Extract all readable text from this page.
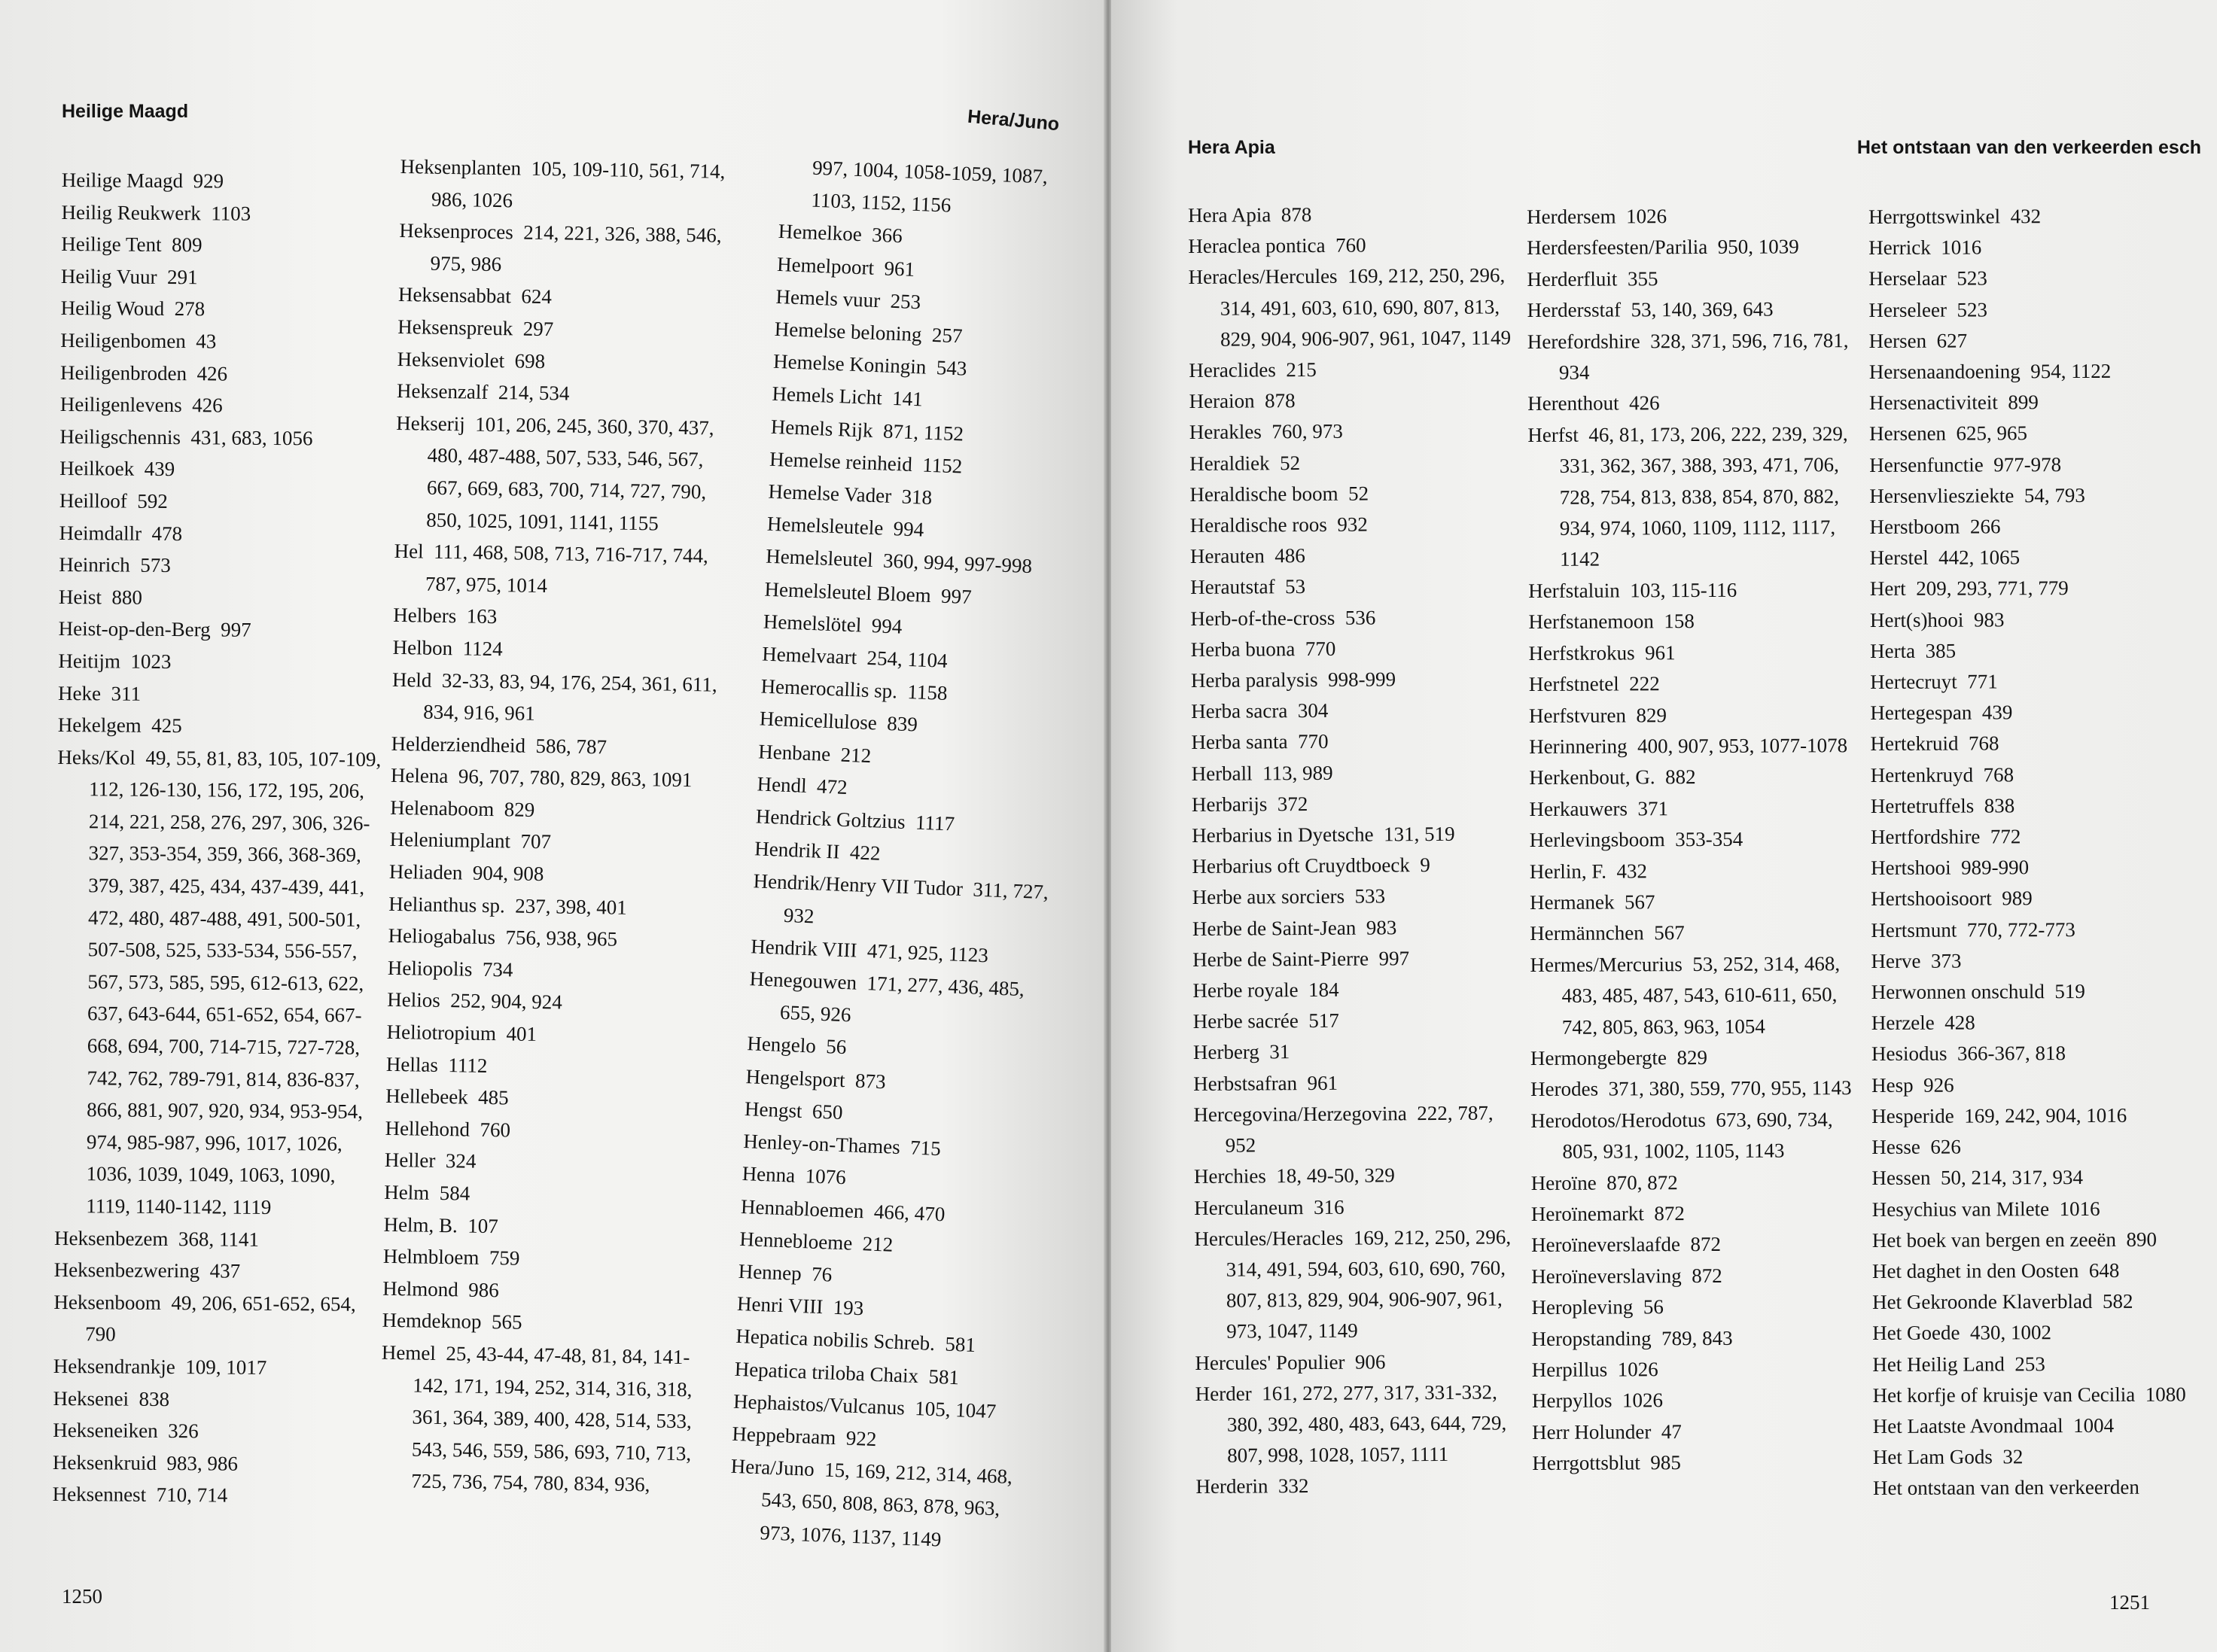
Heilige Maagd	Hera/Juno
Heilige Maagd  929
Heilig Reukwerk  1103
Heilige Tent  809
Heilig Vuur  291
Heilig Woud  278
Heiligenbomen  43
Heiligenbroden  426
Heiligenlevens  426
Heiligschennis  431, 683, 1056
Heilkoek  439
Heilloof  592
Heimdallr  478
Heinrich  573
Heist  880
Heist-op-den-Berg  997
Heitijm  1023
Heke  311
Hekelgem  425
Heks/Kol  49, 55, 81, 83, 105, 107-109, 112, 126-130, 156, 172, 195, 206, 214, 221, 258, 276, 297, 306, 326-327, 353-354, 359, 366, 368-369, 379, 387, 425, 434, 437-439, 441, 472, 480, 487-488, 491, 500-501, 507-508, 525, 533-534, 556-557, 567, 573, 585, 595, 612-613, 622, 637, 643-644, 651-652, 654, 667-668, 694, 700, 714-715, 727-728, 742, 762, 789-791, 814, 836-837, 866, 881, 907, 920, 934, 953-954, 974, 985-987, 996, 1017, 1026, 1036, 1039, 1049, 1063, 1090, 1119, 1140-1142, 1119
Heksenbezem  368, 1141
Heksenbezwering  437
Heksenboom  49, 206, 651-652, 654, 790
Heksendrankje  109, 1017
Heksenei  838
Hekseneiken  326
Heksenkruid  983, 986
Heksennest  710, 714
Heksenplanten  105, 109-110, 561, 714, 986, 1026
Heksenproces  214, 221, 326, 388, 546, 975, 986
Heksensabbat  624
Heksenspreuk  297
Heksenviolet  698
Heksenzalf  214, 534
Hekserij  101, 206, 245, 360, 370, 437, 480, 487-488, 507, 533, 546, 567, 667, 669, 683, 700, 714, 727, 790, 850, 1025, 1091, 1141, 1155
Hel  111, 468, 508, 713, 716-717, 744, 787, 975, 1014
Helbers  163
Helbon  1124
Held  32-33, 83, 94, 176, 254, 361, 611, 834, 916, 961
Helderziendheid  586, 787
Helena  96, 707, 780, 829, 863, 1091
Helenaboom  829
Heleniumplant  707
Heliaden  904, 908
Helianthus sp.  237, 398, 401
Heliogabalus  756, 938, 965
Heliopolis  734
Helios  252, 904, 924
Heliotropium  401
Hellas  1112
Hellebeek  485
Hellehond  760
Heller  324
Helm  584
Helm, B.  107
Helmbloem  759
Helmond  986
Hemdeknop  565
Hemel  25, 43-44, 47-48, 81, 84, 141-142, 171, 194, 252, 314, 316, 318, 361, 364, 389, 400, 428, 514, 533, 543, 546, 559, 586, 693, 710, 713, 725, 736, 754, 780, 834, 936,
997, 1004, 1058-1059, 1087, 1103, 1152, 1156
Hemelkoe  366
Hemelpoort  961
Hemels vuur  253
Hemelse beloning  257
Hemelse Koningin  543
Hemels Licht  141
Hemels Rijk  871, 1152
Hemelse reinheid  1152
Hemelse Vader  318
Hemelsleutele  994
Hemelsleutel  360, 994, 997-998
Hemelsleutel Bloem  997
Hemelslötel  994
Hemelvaart  254, 1104
Hemerocallis sp.  1158
Hemicellulose  839
Henbane  212
Hendl  472
Hendrick Goltzius  1117
Hendrik II  422
Hendrik/Henry VII Tudor  311, 727, 932
Hendrik VIII  471, 925, 1123
Henegouwen  171, 277, 436, 485, 655, 926
Hengelo  56
Hengelsport  873
Hengst  650
Henley-on-Thames  715
Henna  1076
Hennabloemen  466, 470
Hennebloeme  212
Hennep  76
Henri VIII  193
Hepatica nobilis Schreb.  581
Hepatica triloba Chaix  581
Hephaistos/Vulcanus  105, 1047
Heppebraam  922
Hera/Juno  15, 169, 212, 314, 468, 543, 650, 808, 863, 878, 963, 973, 1076, 1137, 1149
1250
Hera Apia	Het ontstaan van den verkeerden esch
Hera Apia  878
Heraclea pontica  760
Heracles/Hercules  169, 212, 250, 296, 314, 491, 603, 610, 690, 807, 813, 829, 904, 906-907, 961, 1047, 1149
Heraclides  215
Heraion  878
Herakles  760, 973
Heraldiek  52
Heraldische boom  52
Heraldische roos  932
Herauten  486
Herautstaf  53
Herb-of-the-cross  536
Herba buona  770
Herba paralysis  998-999
Herba sacra  304
Herba santa  770
Herball  113, 989
Herbarijs  372
Herbarius in Dyetsche  131, 519
Herbarius oft Cruydtboeck  9
Herbe aux sorciers  533
Herbe de Saint-Jean  983
Herbe de Saint-Pierre  997
Herbe royale  184
Herbe sacrée  517
Herberg  31
Herbstsafran  961
Hercegovina/Herzegovina  222, 787, 952
Herchies  18, 49-50, 329
Herculaneum  316
Hercules/Heracles  169, 212, 250, 296, 314, 491, 594, 603, 610, 690, 760, 807, 813, 829, 904, 906-907, 961, 973, 1047, 1149
Hercules' Populier  906
Herder  161, 272, 277, 317, 331-332, 380, 392, 480, 483, 643, 644, 729, 807, 998, 1028, 1057, 1111
Herderin  332
Herdersem  1026
Herdersfeesten/Parilia  950, 1039
Herderfluit  355
Herdersstaf  53, 140, 369, 643
Herefordshire  328, 371, 596, 716, 781, 934
Herenthout  426
Herfst  46, 81, 173, 206, 222, 239, 329, 331, 362, 367, 388, 393, 471, 706, 728, 754, 813, 838, 854, 870, 882, 934, 974, 1060, 1109, 1112, 1117, 1142
Herfstaluin  103, 115-116
Herfstanemoon  158
Herfstkrokus  961
Herfstnetel  222
Herfstvuren  829
Herinnering  400, 907, 953, 1077-1078
Herkenbout, G.  882
Herkauwers  371
Herlevingsboom  353-354
Herlin, F.  432
Hermanek  567
Hermännchen  567
Hermes/Mercurius  53, 252, 314, 468, 483, 485, 487, 543, 610-611, 650, 742, 805, 863, 963, 1054
Hermongebergte  829
Herodes  371, 380, 559, 770, 955, 1143
Herodotos/Herodotus  673, 690, 734, 805, 931, 1002, 1105, 1143
Heroïne  870, 872
Heroïnemarkt  872
Heroïneverslaafde  872
Heroïneverslaving  872
Heropleving  56
Heropstanding  789, 843
Herpillus  1026
Herpyllos  1026
Herr Holunder  47
Herrgottsblut  985
Herrgottswinkel  432
Herrick  1016
Herselaar  523
Herseleer  523
Hersen  627
Hersenaandoening  954, 1122
Hersenactiviteit  899
Hersenen  625, 965
Hersenfunctie  977-978
Hersenvliesziekte  54, 793
Herstboom  266
Herstel  442, 1065
Hert  209, 293, 771, 779
Hert(s)hooi  983
Herta  385
Hertecruyt  771
Hertegespan  439
Hertekruid  768
Hertenkruyd  768
Hertetruffels  838
Hertfordshire  772
Hertshooi  989-990
Hertshooisoort  989
Hertsmunt  770, 772-773
Herve  373
Herwonnen onschuld  519
Herzele  428
Hesiodus  366-367, 818
Hesp  926
Hesperide  169, 242, 904, 1016
Hesse  626
Hessen  50, 214, 317, 934
Hesychius van Milete  1016
Het boek van bergen en zeeën  890
Het daghet in den Oosten  648
Het Gekroonde Klaverblad  582
Het Goede  430, 1002
Het Heilig Land  253
Het korfje of kruisje van Cecilia  1080
Het Laatste Avondmaal  1004
Het Lam Gods  32
Het ontstaan van den verkeerden 
1251
